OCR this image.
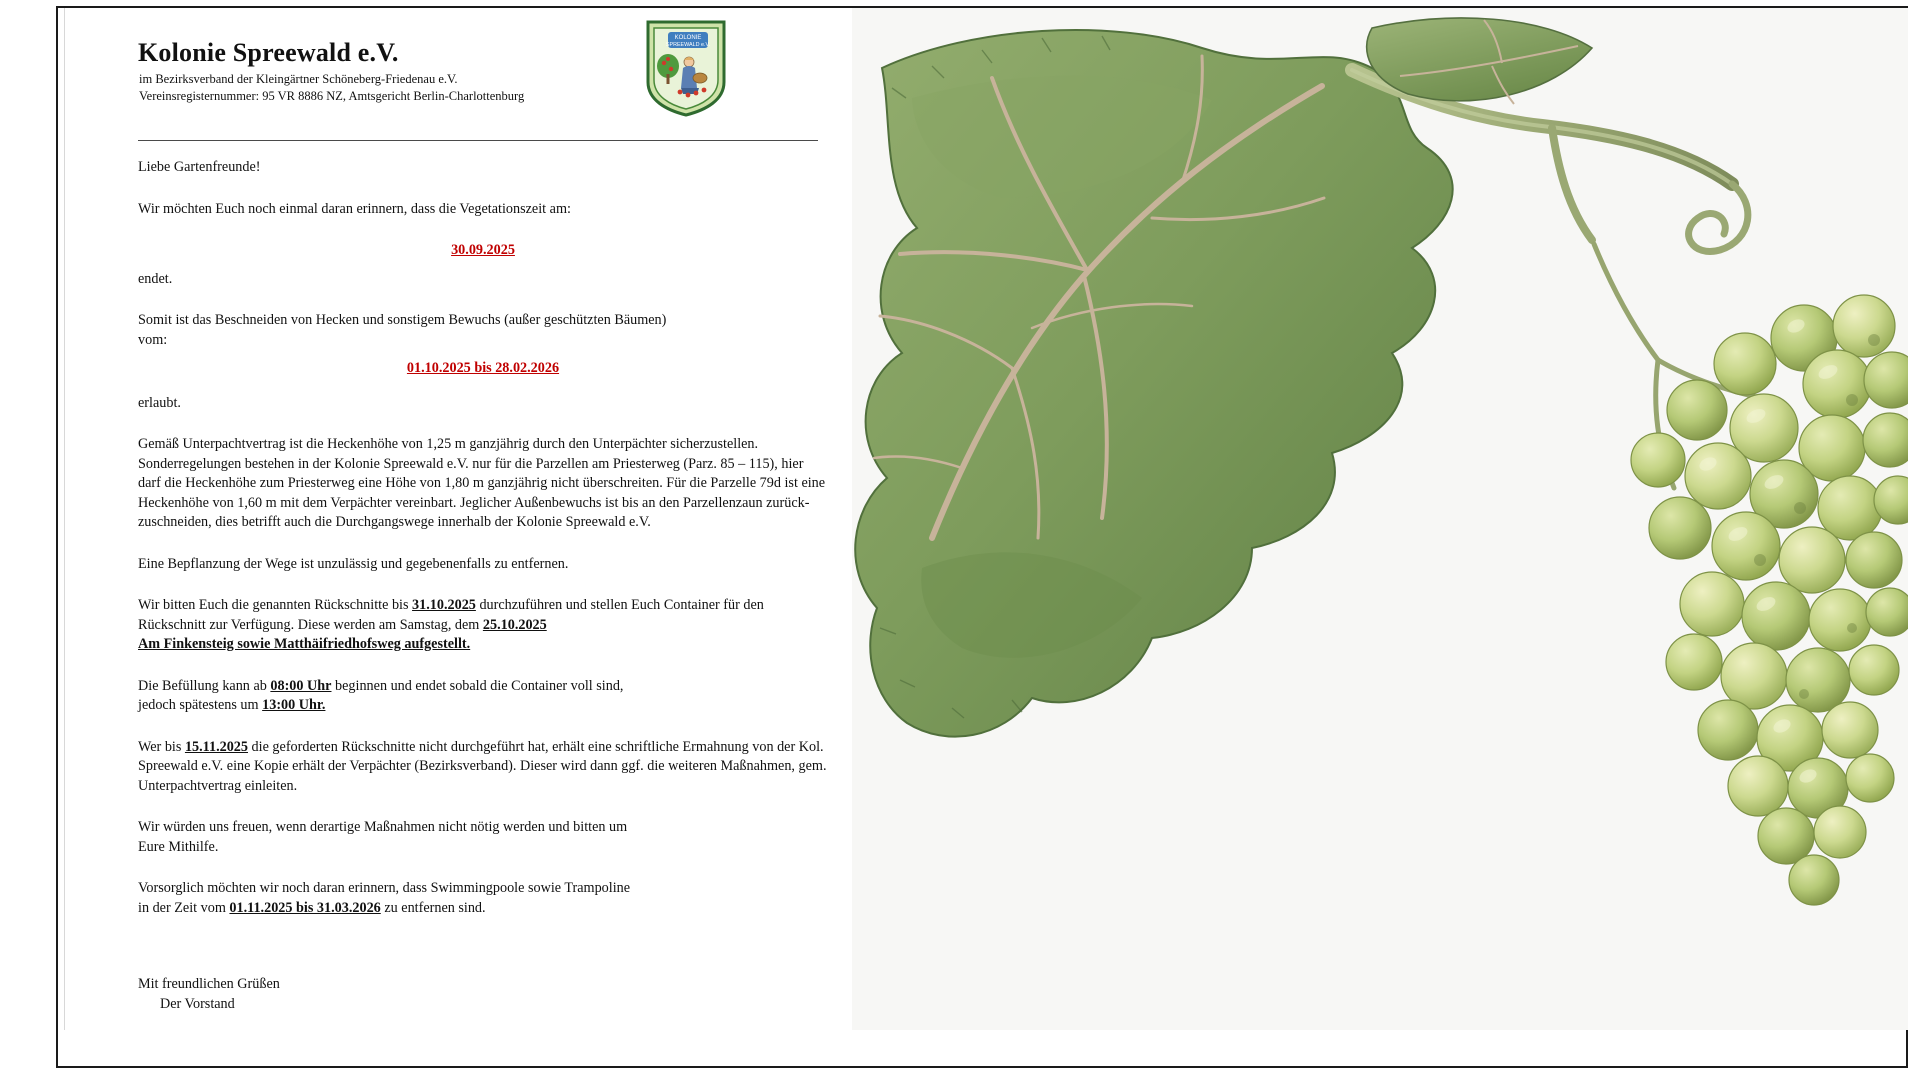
Kolonie Spreewald e.V.
im Bezirksverband der Kleingärtner Schöneberg-Friedenau e.V.
Vereinsregisternummer: 95 VR 8886 NZ, Amtsgericht Berlin-Charlottenburg
KOLONIE
SPREEWALD e.V.
Liebe Gartenfreunde!
Wir möchten Euch noch einmal daran erinnern, dass die Vegetationszeit am:
30.09.2025
endet.
Somit ist das Beschneiden von Hecken und sonstigem Bewuchs (außer geschützten Bäumen)
vom:
01.10.2025 bis 28.02.2026
erlaubt.
Gemäß Unterpachtvertrag ist die Heckenhöhe von 1,25 m ganzjährig durch den Unterpächter sicherzustellen. Sonderregelungen bestehen in der Kolonie Spreewald e.V. nur für die Parzellen am Priesterweg (Parz. 85 – 115), hier darf die Heckenhöhe zum Priesterweg eine Höhe von 1,80 m ganzjährig nicht überschreiten. Für die Parzelle 79d ist eine Heckenhöhe von 1,60 m mit dem Verpächter vereinbart. Jeglicher Außenbewuchs ist bis an den Parzellenzaun zurück-zuschneiden, dies betrifft auch die Durchgangswege innerhalb der Kolonie Spreewald e.V.
Eine Bepflanzung der Wege ist unzulässig und gegebenenfalls zu entfernen.
Wir bitten Euch die genannten Rückschnitte bis 31.10.2025 durchzuführen und stellen Euch Container für den Rückschnitt zur Verfügung. Diese werden am Samstag, dem 25.10.2025
Am Finkensteig sowie Matthäifriedhofsweg aufgestellt.
Die Befüllung kann ab 08:00 Uhr beginnen und endet sobald die Container voll sind,
jedoch spätestens um 13:00 Uhr.
Wer bis 15.11.2025 die geforderten Rückschnitte nicht durchgeführt hat, erhält eine schriftliche Ermahnung von der Kol. Spreewald e.V. eine Kopie erhält der Verpächter (Bezirksverband). Dieser wird dann ggf. die weiteren Maßnahmen, gem. Unterpachtvertrag einleiten.
Wir würden uns freuen, wenn derartige Maßnahmen nicht nötig werden und bitten um
Eure Mithilfe.
Vorsorglich möchten wir noch daran erinnern, dass Swimmingpoole sowie Trampoline
in der Zeit vom 01.11.2025 bis 31.03.2026 zu entfernen sind.
Mit freundlichen Grüßen
Der Vorstand
